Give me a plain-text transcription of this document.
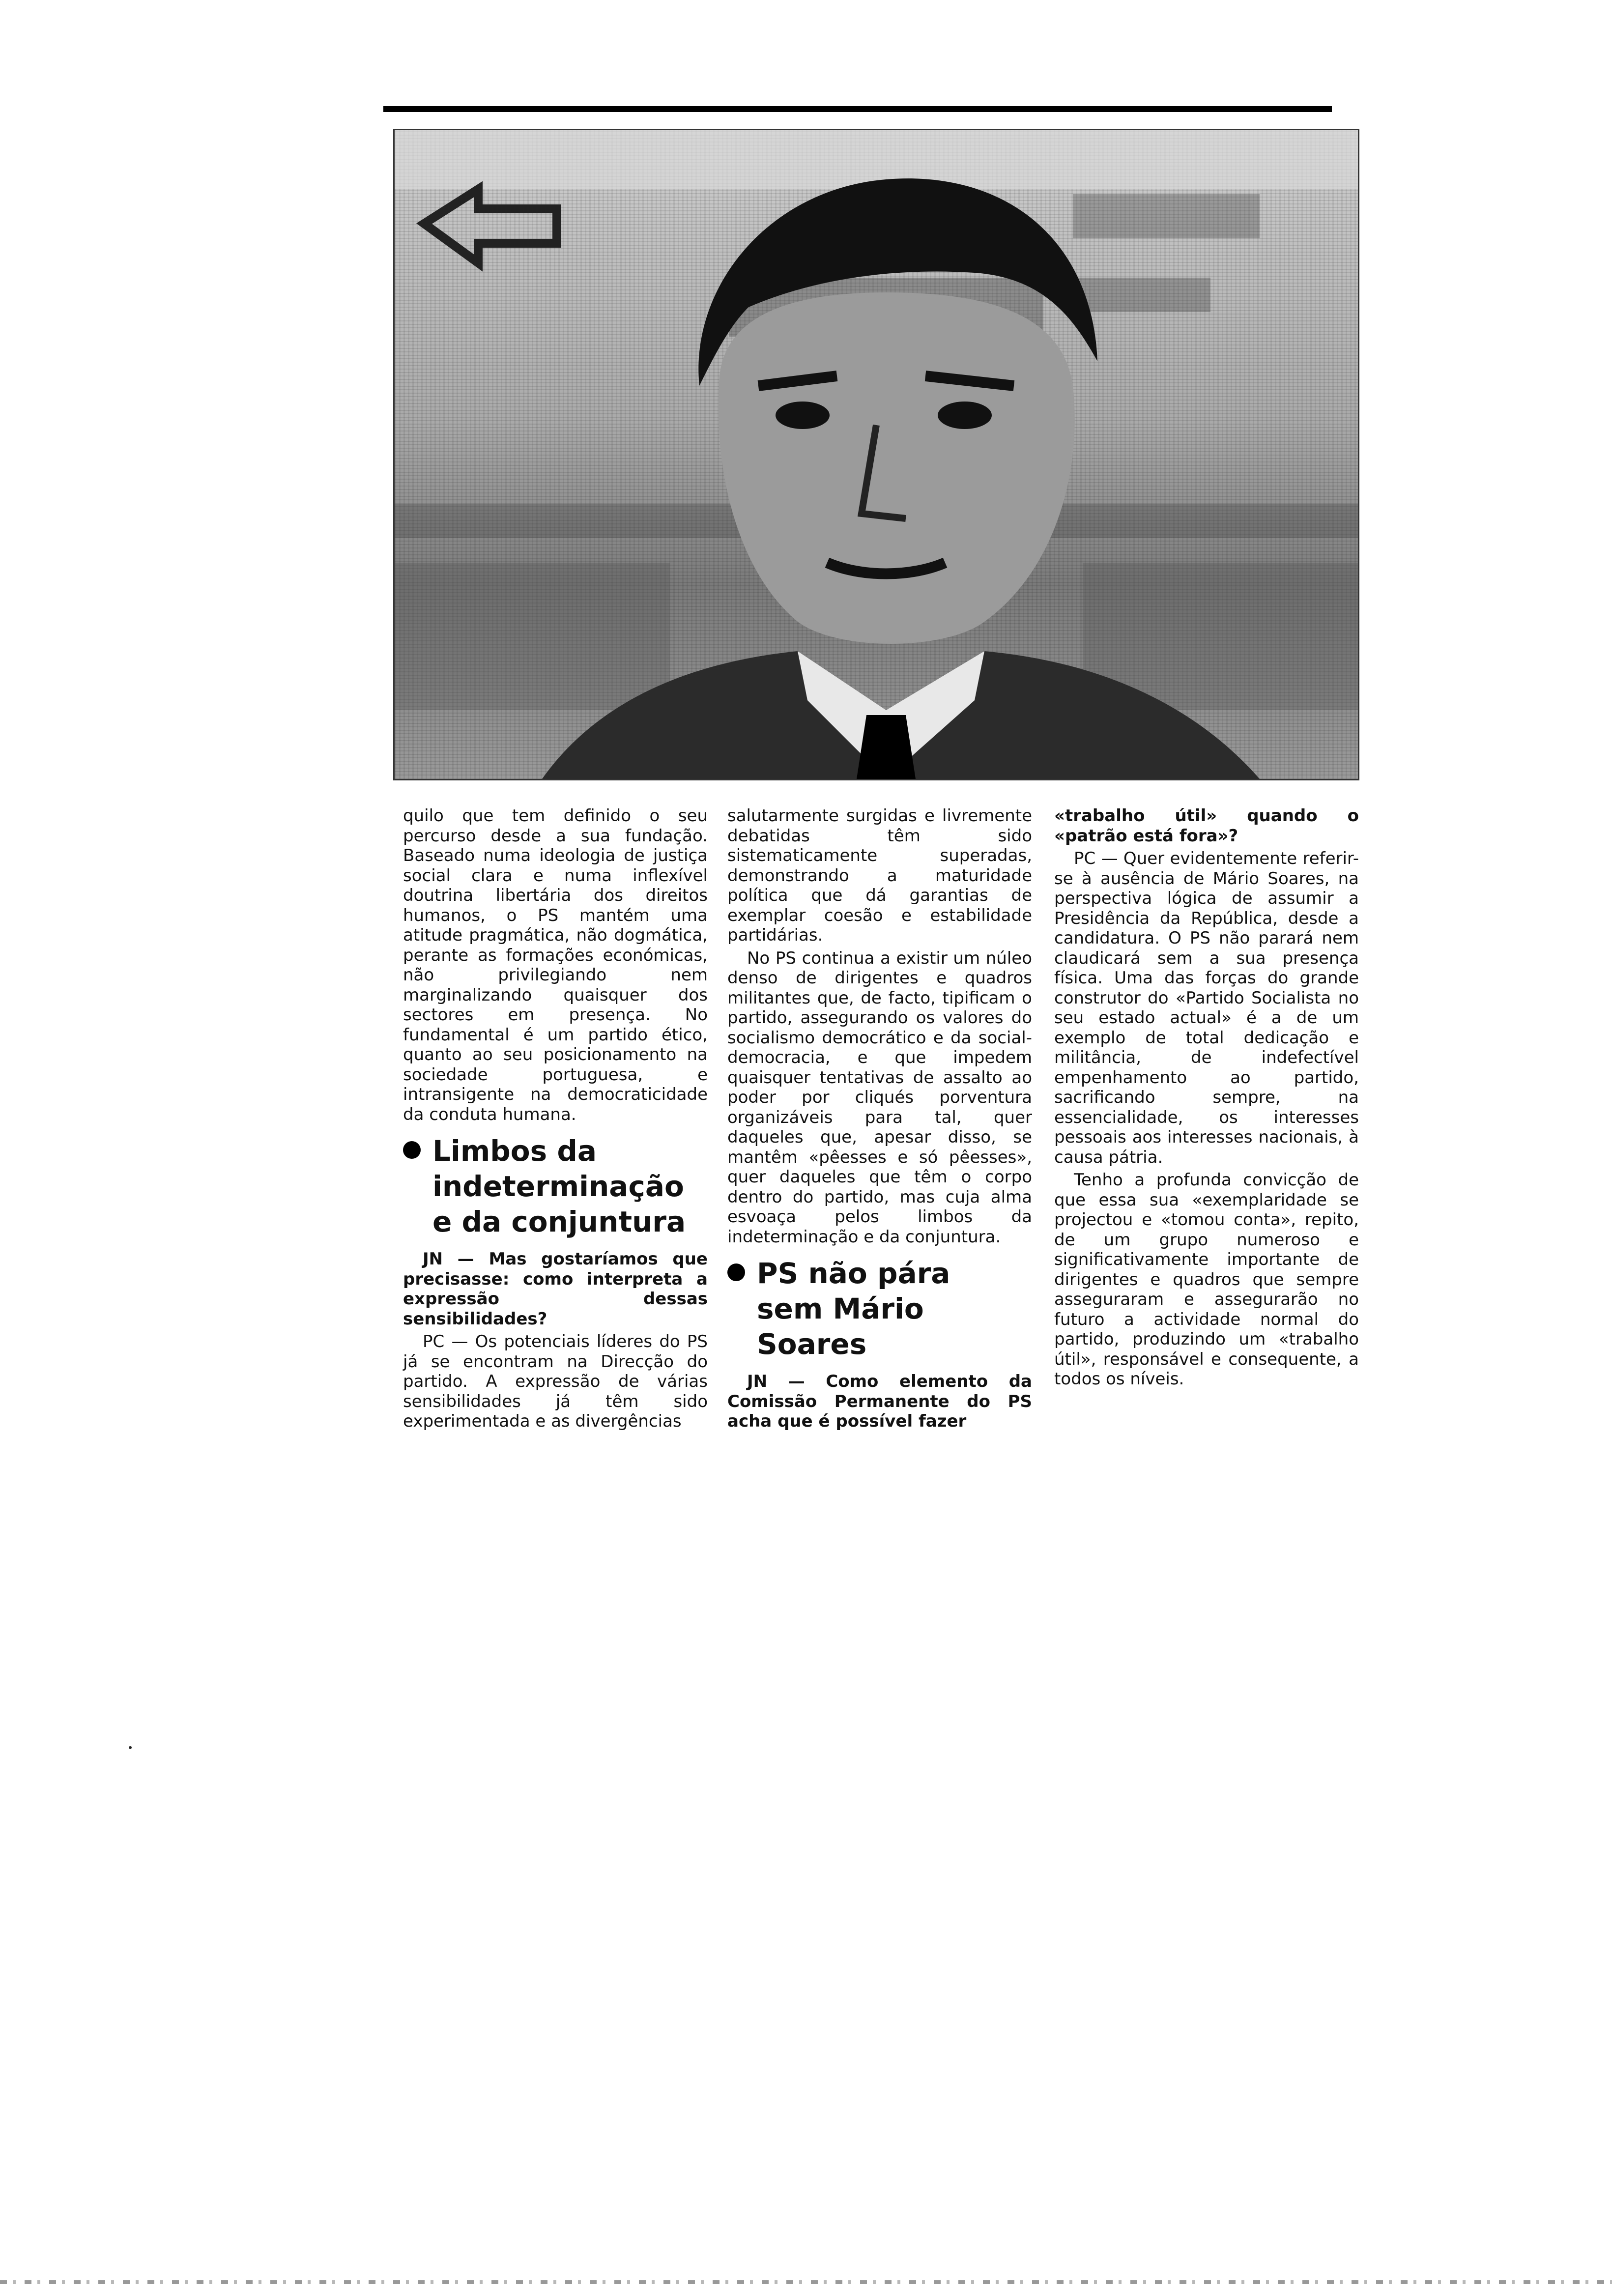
quilo que tem definido o seu percurso desde a sua fundação. Baseado numa ideologia de justiça social clara e numa inflexível doutrina libertária dos direitos humanos, o PS mantém uma atitude pragmática, não dogmática, perante as formações económicas, não privilegiando nem marginalizando quaisquer dos sectores em presença. No fundamental é um partido ético, quanto ao seu posicionamento na sociedade portuguesa, e intransigente na democraticidade da conduta humana.

Limbos da
indeterminação
e da conjuntura

JN — Mas gostaríamos que precisasse: como interpreta a expressão dessas sensibilidades?

PC — Os potenciais líderes do PS já se encontram na Direcção do partido. A expressão de várias sensibilidades já têm sido experimentada e as divergências

salutarmente surgidas e livremente debatidas têm sido sistematicamente superadas, demonstrando a maturidade política que dá garantias de exemplar coesão e estabilidade partidárias.

No PS continua a existir um núleo denso de dirigentes e quadros militantes que, de facto, tipificam o partido, assegurando os valores do socialismo democrático e da social-democracia, e que impedem quaisquer tentativas de assalto ao poder por cliqués porventura organizáveis para tal, quer daqueles que, apesar disso, se mantêm «pêesses e só pêesses», quer daqueles que têm o corpo dentro do partido, mas cuja alma esvoaça pelos limbos da indeterminação e da conjuntura.

PS não pára
sem Mário
Soares

JN — Como elemento da Comissão Permanente do PS acha que é possível fazer

«trabalho útil» quando o «patrão está fora»?

PC — Quer evidentemente referir-se à ausência de Mário Soares, na perspectiva lógica de assumir a Presidência da República, desde a candidatura. O PS não parará nem claudicará sem a sua presença física. Uma das forças do grande construtor do «Partido Socialista no seu estado actual» é a de um exemplo de total dedicação e militância, de indefectível empenhamento ao partido, sacrificando sempre, na essencialidade, os interesses pessoais aos interesses nacionais, à causa pátria.

Tenho a profunda convicção de que essa sua «exemplaridade se projectou e «tomou conta», repito, de um grupo numeroso e significativamente importante de dirigentes e quadros que sempre asseguraram e assegurarão no futuro a actividade normal do partido, produzindo um «trabalho útil», responsável e consequente, a todos os níveis.
